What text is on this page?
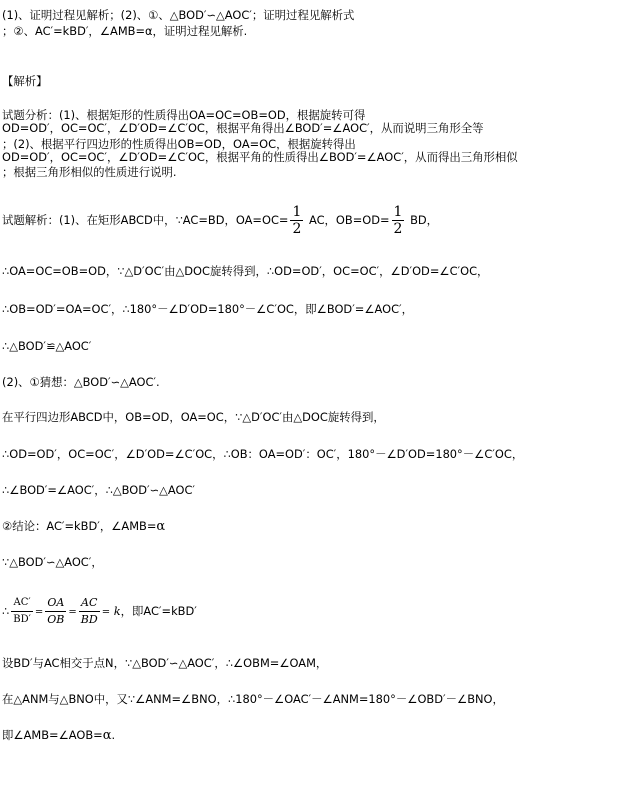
(1)、证明过程见解析；(2)、①、△BOD′∽△AOC′；证明过程见解析式
；②、AC′=kBD′，∠AMB=α，证明过程见解析.
【解析】
试题分析：(1)、根据矩形的性质得出OA=OC=OB=OD，根据旋转可得
OD=OD′，OC=OC′，∠D′OD=∠C′OC，根据平角得出∠BOD′=∠AOC′，从而说明三角形全等
；(2)、根据平行四边形的性质得出OB=OD，OA=OC，根据旋转得出
OD=OD′，OC=OC′，∠D′OD=∠C′OC，根据平角的性质得出∠BOD′=∠AOC′，从而得出三角形相似
；根据三角形相似的性质进行说明.
试题解析：(1)、在矩形ABCD中，∵AC=BD，$OA=OC= \frac{1}{2}$ AC，$OB=OD= \frac{1}{2}$ BD，
∴OA=OC=OB=OD，∵△D′OC′由△DOC旋转得到，∴OD=OD′，OC=OC′，∠D′OD=∠C′OC，
∴OB=OD′=OA=OC′，∴180°－∠D′OD=180°－∠C′OC，即∠BOD′=∠AOC′，
∴△BOD′≌△AOC′
(2)、①猜想：△BOD′∽△AOC′.
在平行四边形ABCD中，OB=OD，OA=OC，∵△D′OC′由△DOC旋转得到，
∴OD=OD′，OC=OC′，∠D′OD=∠C′OC，∴OB：OA=OD′：OC′，180°－∠D′OD=180°－∠C′OC，
∴∠BOD′=∠AOC′，∴△BOD′∽△AOC′
②结论：AC′=kBD′，∠AMB=α
∵△BOD′∽△AOC′，
∴ $\frac{AC'}{BD'} = \frac{OA}{OB} = \frac{AC}{BD} = k$，即AC′=kBD′
设BD′与AC相交于点N，∵△BOD′∽△AOC′，∴∠OBM=∠OAM，
在△ANM与△BNO中，又∵∠ANM=∠BNO，∴180°－∠OAC′－∠ANM=180°－∠OBD′－∠BNO，
即∠AMB=∠AOB=α.
